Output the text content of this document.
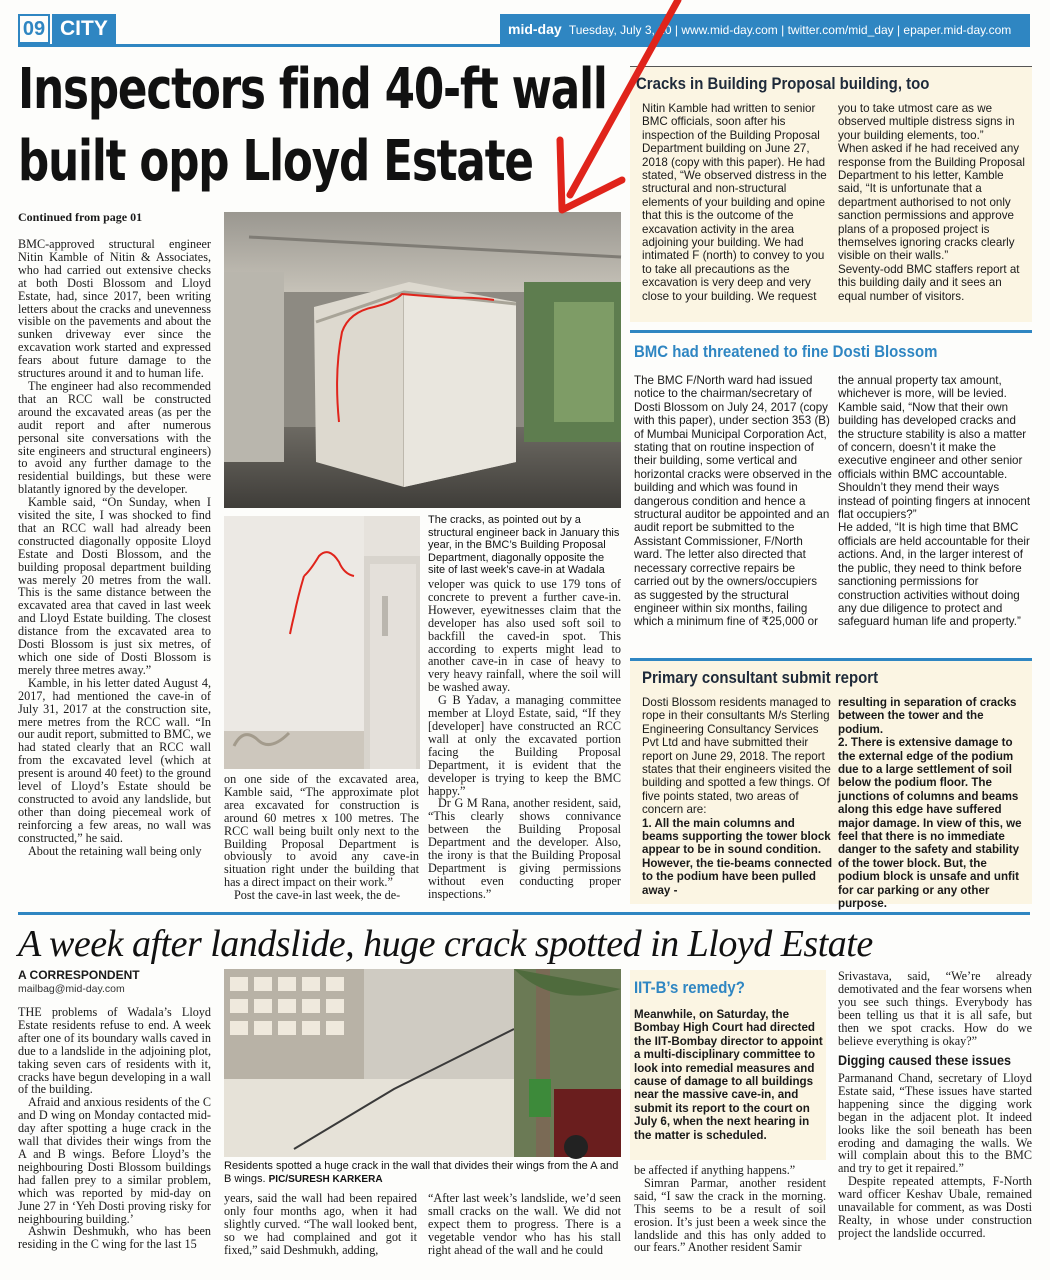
09 CITY	mid-day Tuesday, July 3, 20 | www.mid-day.com | twitter.com/mid_day | epaper.mid-day.com
Inspectors find 40-ft wall
built opp Lloyd Estate
Continued from page 01

BMC-approved structural engineer Nitin Kamble of Nitin & Associates, who had carried out extensive checks at both Dosti Blossom and Lloyd Estate, had, since 2017, been writing letters about the cracks and unevenness visible on the pavements and about the sunken driveway ever since the excavation work started and expressed fears about future damage to the structures around it and to human life.

The engineer had also recommended that an RCC wall be constructed around the excavated areas (as per the audit report and after numerous personal site conversations with the site engineers and structural engineers) to avoid any further damage to the residential buildings, but these were blatantly ignored by the developer.

Kamble said, “On Sunday, when I visited the site, I was shocked to find that an RCC wall had already been constructed diagonally opposite Lloyd Estate and Dosti Blossom, and the building proposal department building was merely 20 metres from the wall. This is the same distance between the excavated area that caved in last week and Lloyd Estate building. The closest distance from the excavated area to Dosti Blossom is just six metres, of which one side of Dosti Blossom is merely three metres away.”

Kamble, in his letter dated August 4, 2017, had mentioned the cave-in of July 31, 2017 at the construction site, mere metres from the RCC wall. “In our audit report, submitted to BMC, we had stated clearly that an RCC wall from the excavated level (which at present is around 40 feet) to the ground level of Lloyd’s Estate should be constructed to avoid any landslide, but other than doing piecemeal work of reinforcing a few areas, no wall was constructed,” he said.

About the retaining wall being only

The cracks, as pointed out by a structural engineer back in January this year, in the BMC’s Building Proposal Department, diagonally opposite the site of last week’s cave-in at Wadala

on one side of the excavated area, Kamble said, “The approximate plot area excavated for construction is around 60 metres x 100 metres. The RCC wall being built only next to the Building Proposal Department is obviously to avoid any cave-in situation right under the building that has a direct impact on their work.”

Post the cave-in last week, the de-

veloper was quick to use 179 tons of concrete to prevent a further cave-in. However, eyewitnesses claim that the developer has also used soft soil to backfill the caved-in spot. This according to experts might lead to another cave-in in case of heavy to very heavy rainfall, where the soil will be washed away.

G B Yadav, a managing committee member at Lloyd Estate, said, “If they [developer] have constructed an RCC wall at only the excavated portion facing the Building Proposal Department, it is evident that the developer is trying to keep the BMC happy.”

Dr G M Rana, another resident, said, “This clearly shows connivance between the Building Proposal Department and the developer. Also, the irony is that the Building Proposal Department is giving permissions without even conducting proper inspections.”

Cracks in Building Proposal building, too
Nitin Kamble had written to senior BMC officials, soon after his inspection of the Building Proposal Department building on June 27, 2018 (copy with this paper). He had stated, “We observed distress in the structural and non-structural elements of your building and opine that this is the outcome of the excavation activity in the area adjoining your building. We had intimated F (north) to convey to you to take all precautions as the excavation is very deep and very close to your building. We request
you to take utmost care as we observed multiple distress signs in your building elements, too.”
When asked if he had received any response from the Building Proposal Department to his letter, Kamble said, “It is unfortunate that a department authorised to not only sanction permissions and approve plans of a proposed project is themselves ignoring cracks clearly visible on their walls.”
Seventy-odd BMC staffers report at this building daily and it sees an equal number of visitors.
BMC had threatened to fine Dosti Blossom
The BMC F/North ward had issued notice to the chairman/secretary of Dosti Blossom on July 24, 2017 (copy with this paper), under section 353 (B) of Mumbai Municipal Corporation Act, stating that on routine inspection of their building, some vertical and horizontal cracks were observed in the building and which was found in dangerous condition and hence a structural auditor be appointed and an audit report be submitted to the Assistant Commissioner, F/North ward. The letter also directed that necessary corrective repairs be carried out by the owners/occupiers as suggested by the structural engineer within six months, failing which a minimum fine of ₹25,000 or
the annual property tax amount, whichever is more, will be levied. Kamble said, “Now that their own building has developed cracks and the structure stability is also a matter of concern, doesn’t it make the executive engineer and other senior officials within BMC accountable. Shouldn’t they mend their ways instead of pointing fingers at innocent flat occupiers?”
He added, “It is high time that BMC officials are held accountable for their actions. And, in the larger interest of the public, they need to think before sanctioning permissions for construction activities without doing any due diligence to protect and safeguard human life and property.”
Primary consultant submit report
Dosti Blossom residents managed to rope in their consultants M/s Sterling Engineering Consultancy Services Pvt Ltd and have submitted their report on June 29, 2018. The report states that their engineers visited the building and spotted a few things. Of five points stated, two areas of concern are:
1. All the main columns and beams supporting the tower block appear to be in sound condition. However, the tie-beams connected to the podium have been pulled away -
resulting in separation of cracks between the tower and the podium.
2. There is extensive damage to the external edge of the podium due to a large settlement of soil below the podium floor. The junctions of columns and beams along this edge have suffered major damage. In view of this, we feel that there is no immediate danger to the safety and stability of the tower block. But, the podium block is unsafe and unfit for car parking or any other purpose.
A week after landslide, huge crack spotted in Lloyd Estate
A CORRESPONDENT
mailbag@mid-day.com

THE problems of Wadala’s Lloyd Estate residents refuse to end. A week after one of its boundary walls caved in due to a landslide in the adjoining plot, taking seven cars of residents with it, cracks have begun developing in a wall of the building.

Afraid and anxious residents of the C and D wing on Monday contacted mid-day after spotting a huge crack in the wall that divides their wings from the A and B wings. Before Lloyd’s the neighbouring Dosti Blossom buildings had fallen prey to a similar problem, which was reported by mid-day on June 27 in ‘Yeh Dosti proving risky for neighbouring building.’

Ashwin Deshmukh, who has been residing in the C wing for the last 15

Residents spotted a huge crack in the wall that divides their wings from the A and B wings. PIC/SURESH KARKERA

years, said the wall had been repaired only four months ago, when it had slightly curved. “The wall looked bent, so we had complained and got it fixed,” said Deshmukh, adding,

“After last week’s landslide, we’d seen small cracks on the wall. We did not expect them to progress. There is a vegetable vendor who has his stall right ahead of the wall and he could

IIT-B’s remedy?
Meanwhile, on Saturday, the Bombay High Court had directed the IIT-Bombay director to appoint a multi-disciplinary committee to look into remedial measures and cause of damage to all buildings near the massive cave-in, and submit its report to the court on July 6, when the next hearing in the matter is scheduled.

be affected if anything happens.”

Simran Parmar, another resident said, “I saw the crack in the morning. This seems to be a result of soil erosion. It’s just been a week since the landslide and this has only added to our fears.” Another resident Samir

Srivastava, said, “We’re already demotivated and the fear worsens when you see such things. Everybody has been telling us that it is all safe, but then we spot cracks. How do we believe everything is okay?”

Digging caused these issues

Parmanand Chand, secretary of Lloyd Estate said, “These issues have started happening since the digging work began in the adjacent plot. It indeed looks like the soil beneath has been eroding and damaging the walls. We will complain about this to the BMC and try to get it repaired.”

Despite repeated attempts, F-North ward officer Keshav Ubale, remained unavailable for comment, as was Dosti Realty, in whose under construction project the landslide occurred.
